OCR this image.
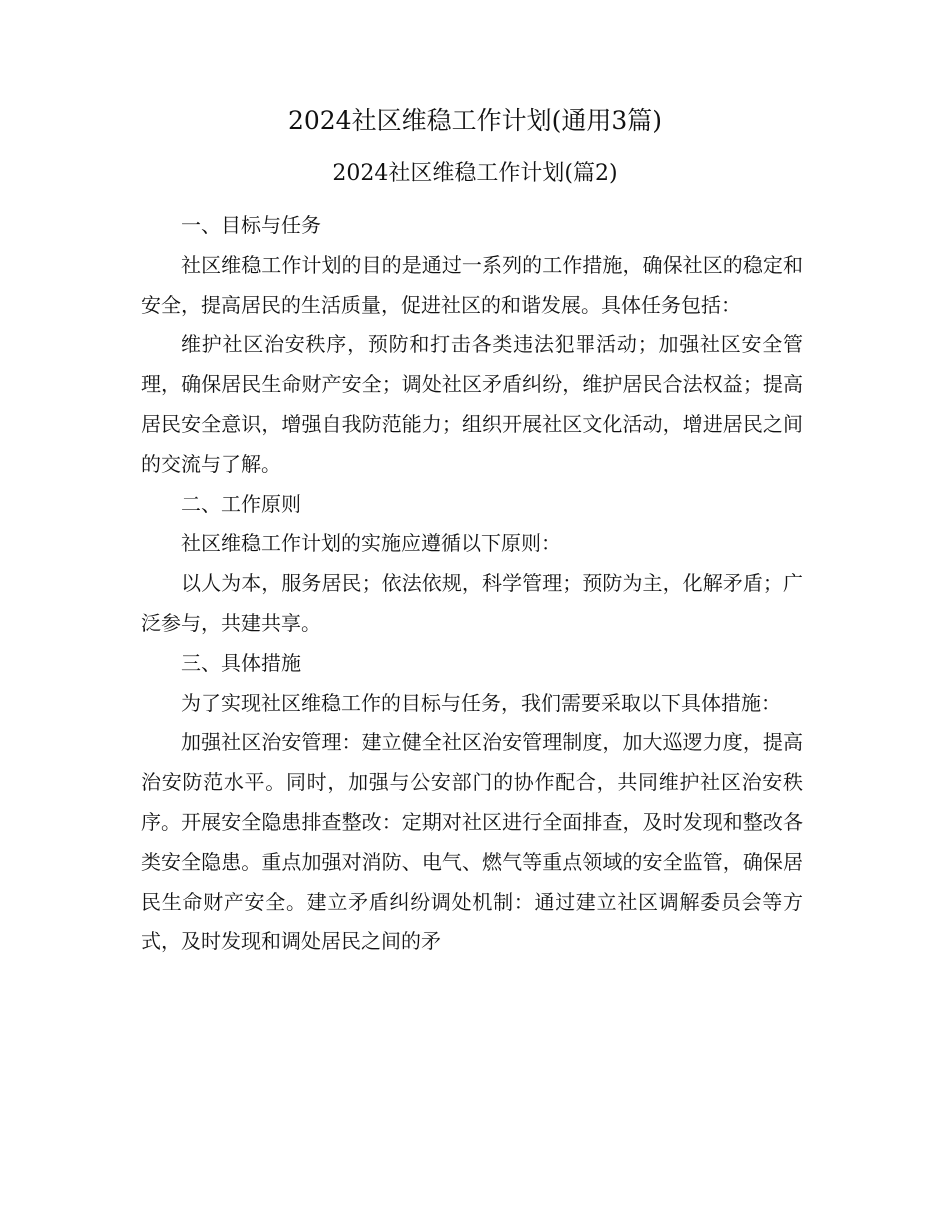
2024社区维稳工作计划(通用3篇)
2024社区维稳工作计划(篇2)

一、目标与任务

社区维稳工作计划的目的是通过一系列的工作措施，确保社区的稳定和安全，提高居民的生活质量，促进社区的和谐发展。具体任务包括：

维护社区治安秩序，预防和打击各类违法犯罪活动；加强社区安全管理，确保居民生命财产安全；调处社区矛盾纠纷，维护居民合法权益；提高居民安全意识，增强自我防范能力；组织开展社区文化活动，增进居民之间的交流与了解。

二、工作原则

社区维稳工作计划的实施应遵循以下原则：

以人为本，服务居民；依法依规，科学管理；预防为主，化解矛盾；广泛参与，共建共享。

三、具体措施

为了实现社区维稳工作的目标与任务，我们需要采取以下具体措施：

加强社区治安管理：建立健全社区治安管理制度，加大巡逻力度，提高治安防范水平。同时，加强与公安部门的协作配合，共同维护社区治安秩序。开展安全隐患排查整改：定期对社区进行全面排查，及时发现和整改各类安全隐患。重点加强对消防、电气、燃气等重点领域的安全监管，确保居民生命财产安全。建立矛盾纠纷调处机制：通过建立社区调解委员会等方式，及时发现和调处居民之间的矛
